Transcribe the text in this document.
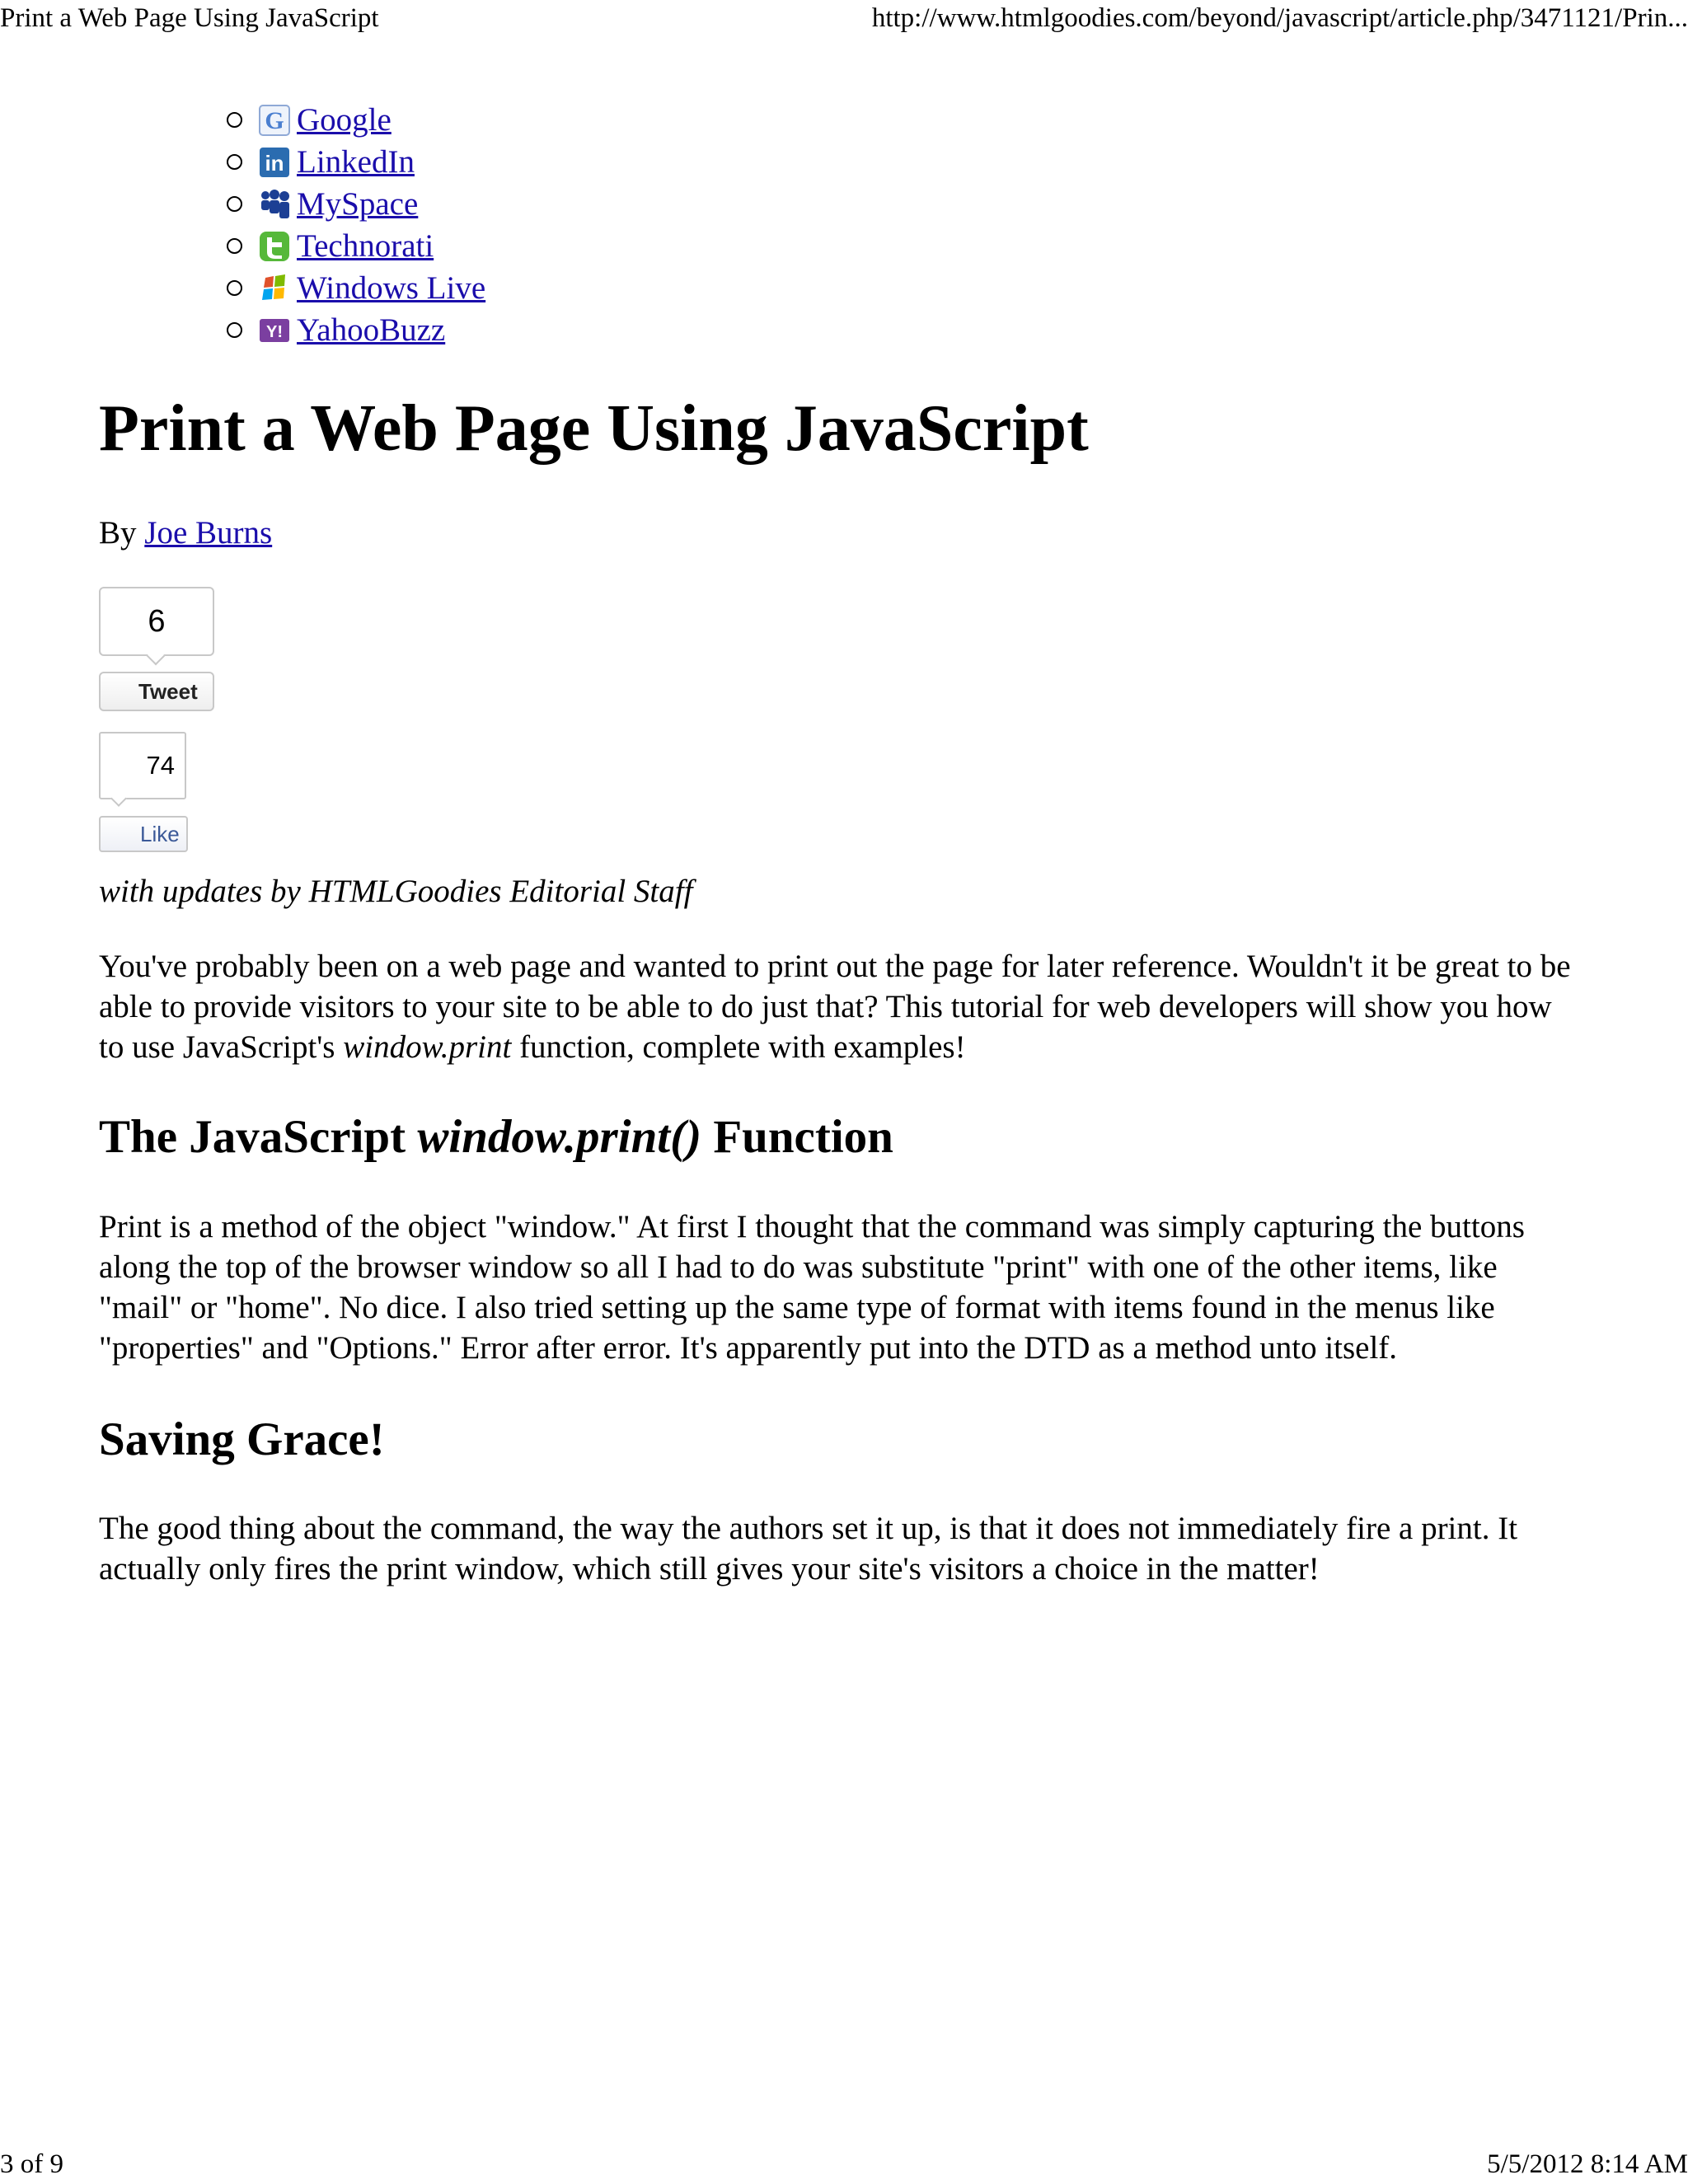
Print a Web Page Using JavaScript	http://www.htmlgoodies.com/beyond/javascript/article.php/3471121/Prin...
G Google
in LinkedIn
MySpace
Technorati
Windows Live
Y! YahooBuzz
Print a Web Page Using JavaScript
By Joe Burns
6
Tweet
74
Like
with updates by HTMLGoodies Editorial Staff

You've probably been on a web page and wanted to print out the page for later reference. Wouldn't it be great to be able to provide visitors to your site to be able to do just that? This tutorial for web developers will show you how to use JavaScript's window.print function, complete with examples!

The JavaScript window.print() Function

Print is a method of the object "window." At first I thought that the command was simply capturing the buttons along the top of the browser window so all I had to do was substitute "print" with one of the other items, like "mail" or "home". No dice. I also tried setting up the same type of format with items found in the menus like "properties" and "Options." Error after error. It's apparently put into the DTD as a method unto itself.

Saving Grace!

The good thing about the command, the way the authors set it up, is that it does not immediately fire a print. It actually only fires the print window, which still gives your site's visitors a choice in the matter!

3 of 9	5/5/2012 8:14 AM
